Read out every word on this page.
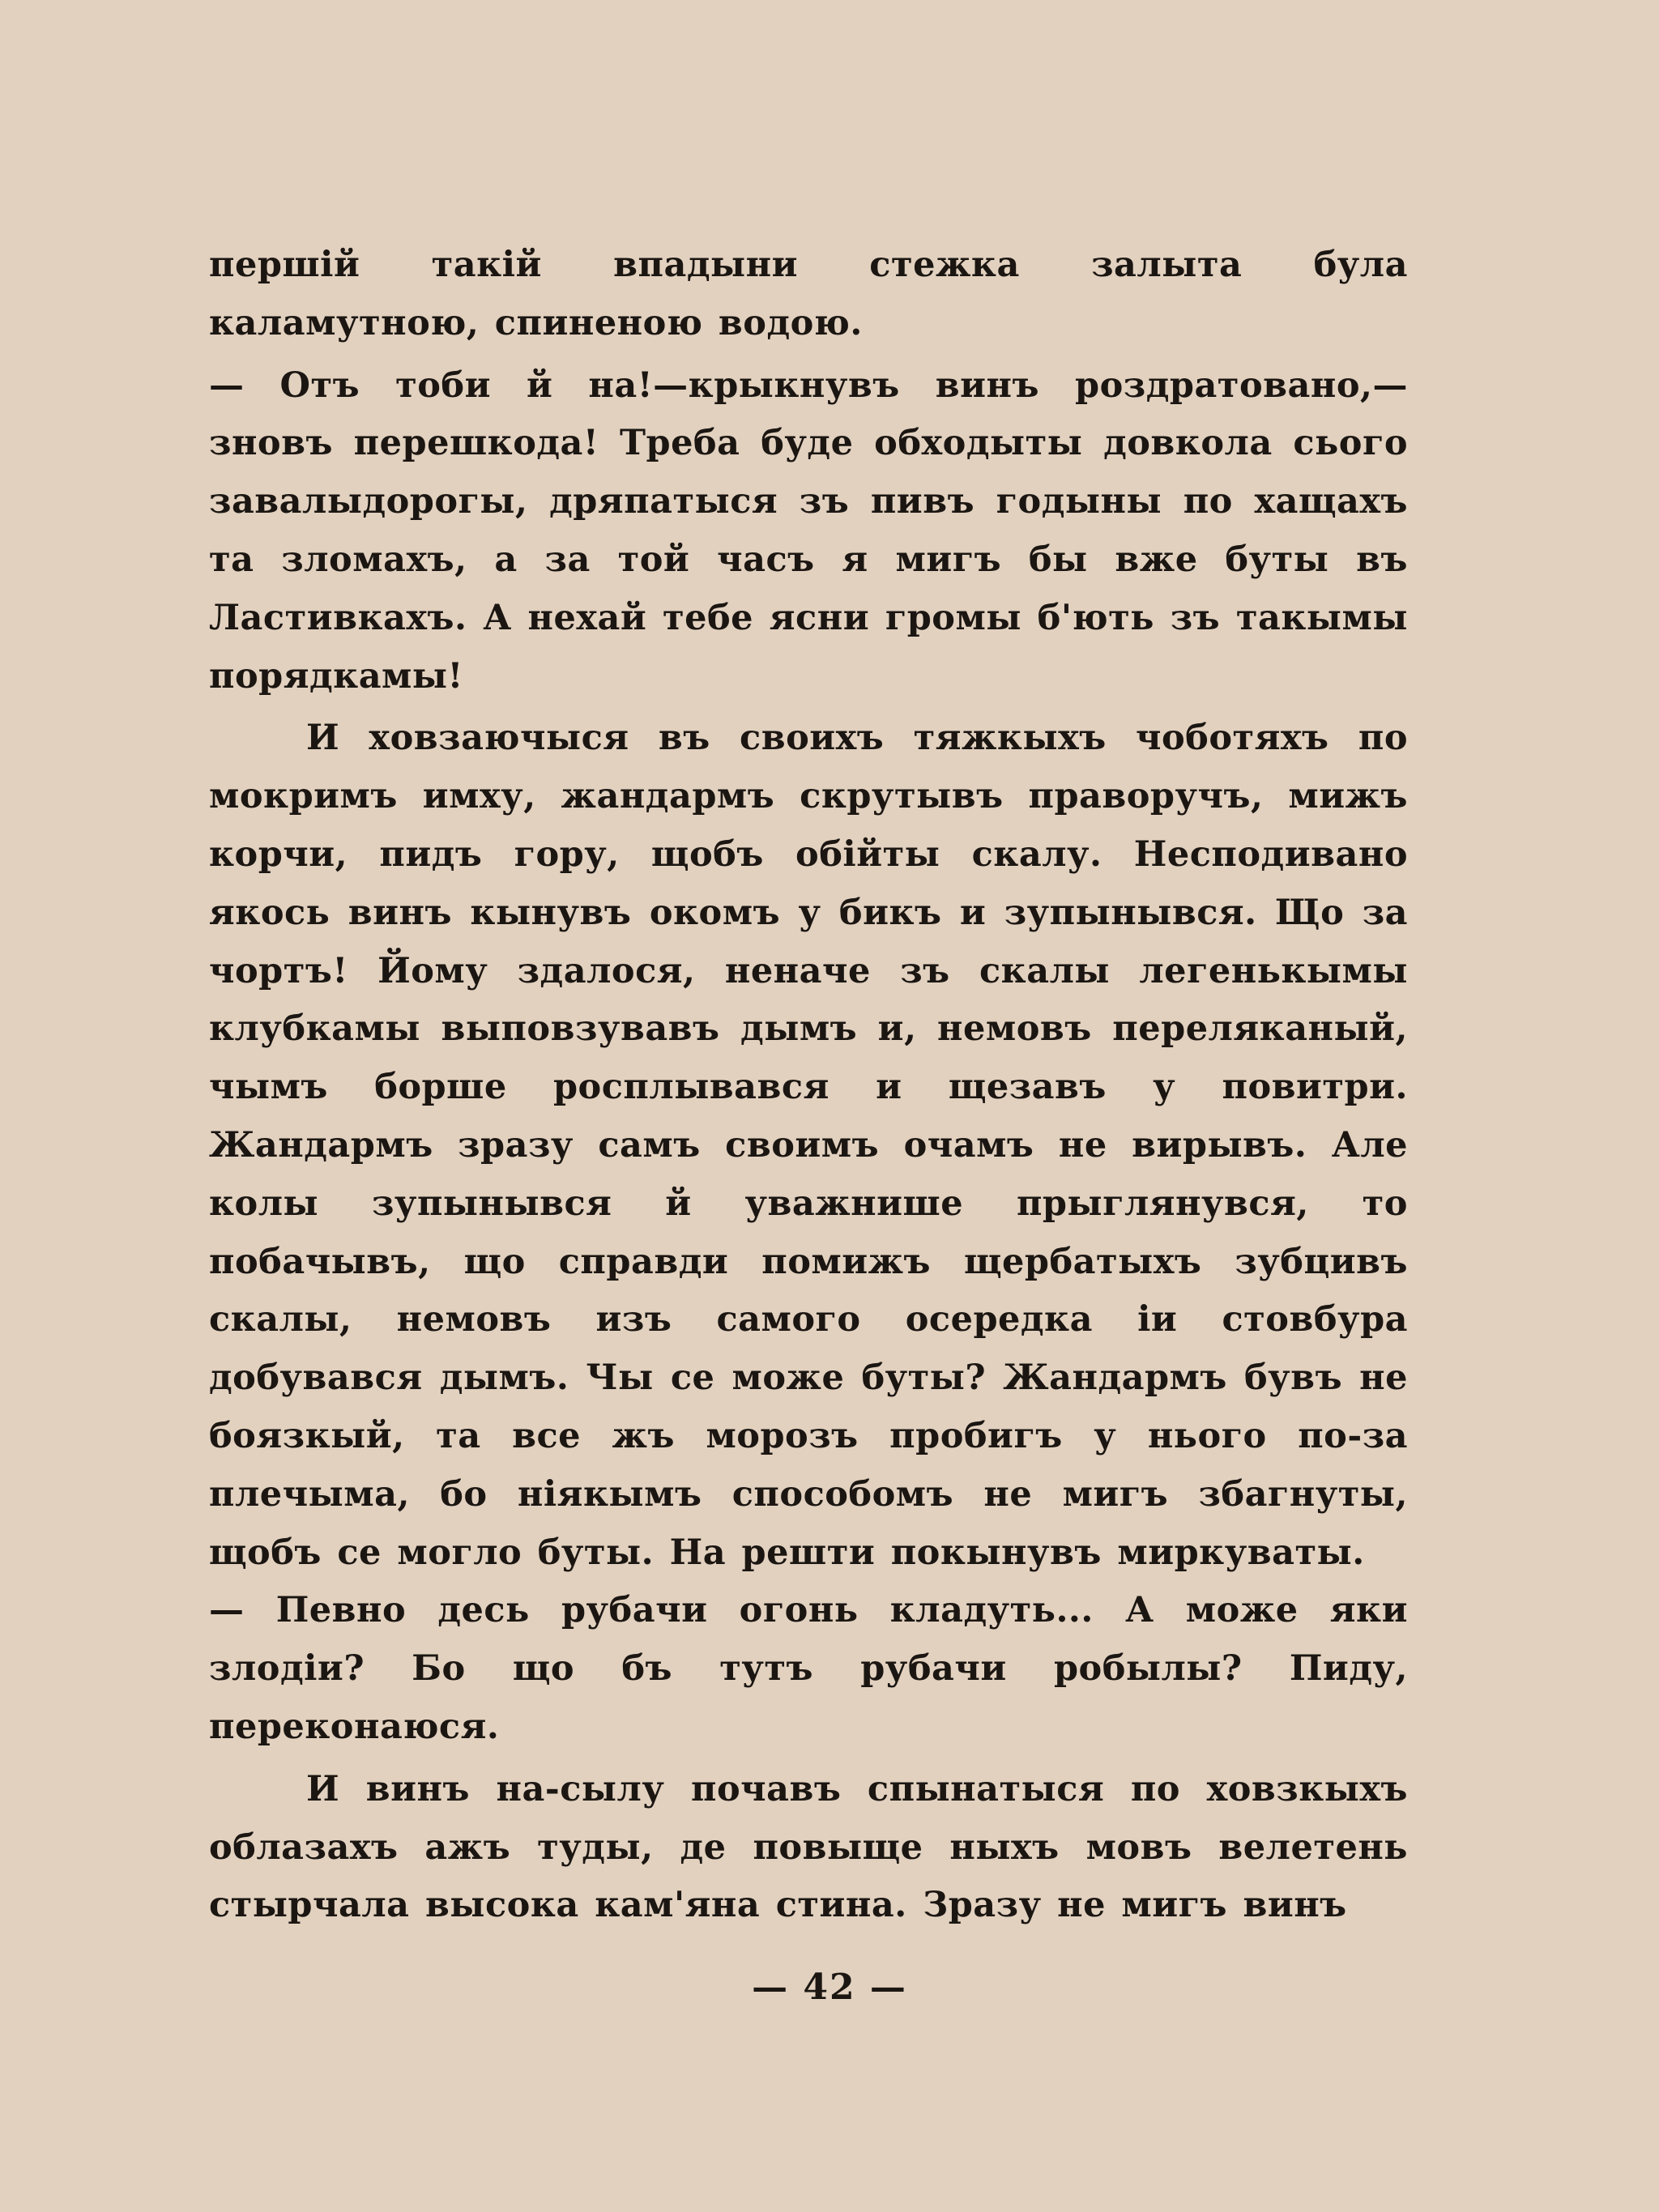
першій такій впадыни стежка залыта була каламутною, спиненою водою.

— Отъ тоби й на!—крыкнувъ винъ роздратовано,—зновъ перешкода! Треба буде обходыты довкола сього завалыдорогы, дряпатыся зъ пивъ годыны по хащахъ та зломахъ, а за той часъ я мигъ бы вже буты въ Ластивкахъ. А нехай тебе ясни громы б'ють зъ такымы порядкамы!

И ховзаючыся въ своихъ тяжкыхъ чоботяхъ по мокримъ имху, жандармъ скрутывъ праворучъ, мижъ корчи, пидъ гору, щобъ обійты скалу. Несподивано якось винъ кынувъ окомъ у бикъ и зупынывся. Що за чортъ! Йому здалося, неначе зъ скалы легенькымы клубкамы выповзувавъ дымъ и, немовъ переляканый, чымъ борше росплывався и щезавъ у повитри. Жандармъ зразу самъ своимъ очамъ не вирывъ. Але колы зупынывся й уважнише прыглянувся, то побачывъ, що справди помижъ щербатыхъ зубцивъ скалы, немовъ изъ самого осередка іи стовбура добувався дымъ. Чы се може буты? Жандармъ бувъ не боязкый, та все жъ морозъ пробигъ у нього по-за плечыма, бо ніякымъ способомъ не мигъ збагнуты, щобъ се могло буты. На решти покынувъ миркуваты.

— Певно десь рубачи огонь кладуть... А може яки злодіи? Бо що бъ тутъ рубачи робылы? Пиду, переконаюся.

И винъ на-сылу почавъ спынатыся по ховзкыхъ облазахъ ажъ туды, де повыще ныхъ мовъ велетень стырчала высока кам'яна стина. Зразу не мигъ винъ

— 42 —
